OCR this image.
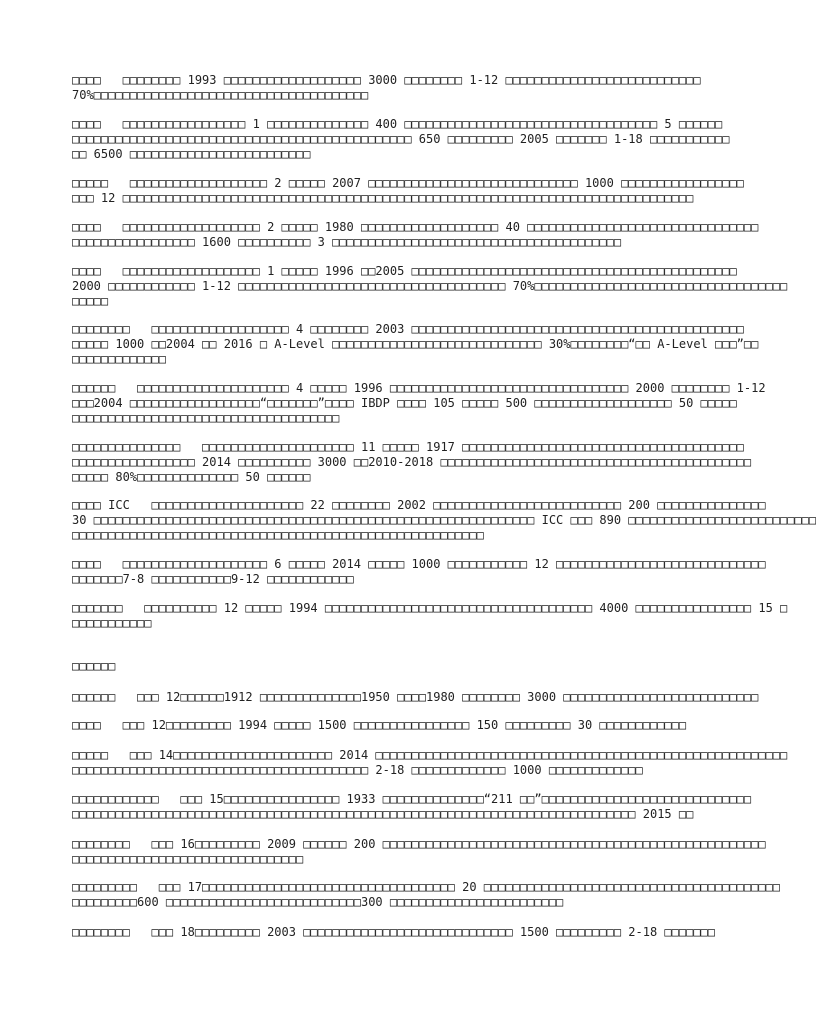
□□□□   □□□□□□□□ 1993 □□□□□□□□□□□□□□□□□□□ 3000 □□□□□□□□ 1-12 □□□□□□□□□□□□□□□□□□□□□□□□□□□
70%□□□□□□□□□□□□□□□□□□□□□□□□□□□□□□□□□□□□□□
□□□□   □□□□□□□□□□□□□□□□□ 1 □□□□□□□□□□□□□□ 400 □□□□□□□□□□□□□□□□□□□□□□□□□□□□□□□□□□□ 5 □□□□□□
□□□□□□□□□□□□□□□□□□□□□□□□□□□□□□□□□□□□□□□□□□□□□□□ 650 □□□□□□□□□ 2005 □□□□□□□ 1-18 □□□□□□□□□□□
□□ 6500 □□□□□□□□□□□□□□□□□□□□□□□□□
□□□□□   □□□□□□□□□□□□□□□□□□□ 2 □□□□□ 2007 □□□□□□□□□□□□□□□□□□□□□□□□□□□□□ 1000 □□□□□□□□□□□□□□□□□
□□□ 12 □□□□□□□□□□□□□□□□□□□□□□□□□□□□□□□□□□□□□□□□□□□□□□□□□□□□□□□□□□□□□□□□□□□□□□□□□□□□□□□
□□□□   □□□□□□□□□□□□□□□□□□□ 2 □□□□□ 1980 □□□□□□□□□□□□□□□□□□□ 40 □□□□□□□□□□□□□□□□□□□□□□□□□□□□□□□□
□□□□□□□□□□□□□□□□□ 1600 □□□□□□□□□□ 3 □□□□□□□□□□□□□□□□□□□□□□□□□□□□□□□□□□□□□□□□
□□□□   □□□□□□□□□□□□□□□□□□□ 1 □□□□□ 1996 □□2005 □□□□□□□□□□□□□□□□□□□□□□□□□□□□□□□□□□□□□□□□□□□□□
2000 □□□□□□□□□□□□ 1-12 □□□□□□□□□□□□□□□□□□□□□□□□□□□□□□□□□□□□□ 70%□□□□□□□□□□□□□□□□□□□□□□□□□□□□□□□□□□□
□□□□□
□□□□□□□□   □□□□□□□□□□□□□□□□□□□ 4 □□□□□□□□ 2003 □□□□□□□□□□□□□□□□□□□□□□□□□□□□□□□□□□□□□□□□□□□□□□
□□□□□ 1000 □□2004 □□ 2016 □ A-Level □□□□□□□□□□□□□□□□□□□□□□□□□□□□□ 30%□□□□□□□□“□□ A-Level □□□”□□
□□□□□□□□□□□□□
□□□□□□   □□□□□□□□□□□□□□□□□□□□□ 4 □□□□□ 1996 □□□□□□□□□□□□□□□□□□□□□□□□□□□□□□□□□ 2000 □□□□□□□□ 1-12
□□□2004 □□□□□□□□□□□□□□□□□□“□□□□□□□”□□□□ IBDP □□□□ 105 □□□□□ 500 □□□□□□□□□□□□□□□□□□□ 50 □□□□□
□□□□□□□□□□□□□□□□□□□□□□□□□□□□□□□□□□□□□
□□□□□□□□□□□□□□□   □□□□□□□□□□□□□□□□□□□□□ 11 □□□□□ 1917 □□□□□□□□□□□□□□□□□□□□□□□□□□□□□□□□□□□□□□□
□□□□□□□□□□□□□□□□□ 2014 □□□□□□□□□□ 3000 □□2010-2018 □□□□□□□□□□□□□□□□□□□□□□□□□□□□□□□□□□□□□□□□□□□
□□□□□ 80%□□□□□□□□□□□□□□ 50 □□□□□□
□□□□ ICC   □□□□□□□□□□□□□□□□□□□□□ 22 □□□□□□□□ 2002 □□□□□□□□□□□□□□□□□□□□□□□□□□ 200 □□□□□□□□□□□□□□□
30 □□□□□□□□□□□□□□□□□□□□□□□□□□□□□□□□□□□□□□□□□□□□□□□□□□□□□□□□□□□□□ ICC □□□ 890 □□□□□□□□□□□□□□□□□□□□□□□□□□
□□□□□□□□□□□□□□□□□□□□□□□□□□□□□□□□□□□□□□□□□□□□□□□□□□□□□□□□□
□□□□   □□□□□□□□□□□□□□□□□□□□ 6 □□□□□ 2014 □□□□□ 1000 □□□□□□□□□□□ 12 □□□□□□□□□□□□□□□□□□□□□□□□□□□□□
□□□□□□□7-8 □□□□□□□□□□□9-12 □□□□□□□□□□□□
□□□□□□□   □□□□□□□□□□ 12 □□□□□ 1994 □□□□□□□□□□□□□□□□□□□□□□□□□□□□□□□□□□□□□ 4000 □□□□□□□□□□□□□□□□ 15 □
□□□□□□□□□□□
□□□□□□
□□□□□□   □□□ 12□□□□□□1912 □□□□□□□□□□□□□□1950 □□□□1980 □□□□□□□□ 3000 □□□□□□□□□□□□□□□□□□□□□□□□□□□
□□□□   □□□ 12□□□□□□□□□ 1994 □□□□□ 1500 □□□□□□□□□□□□□□□□ 150 □□□□□□□□□ 30 □□□□□□□□□□□□
□□□□□   □□□ 14□□□□□□□□□□□□□□□□□□□□□□ 2014 □□□□□□□□□□□□□□□□□□□□□□□□□□□□□□□□□□□□□□□□□□□□□□□□□□□□□□□□□
□□□□□□□□□□□□□□□□□□□□□□□□□□□□□□□□□□□□□□□□□ 2-18 □□□□□□□□□□□□□ 1000 □□□□□□□□□□□□□
□□□□□□□□□□□□   □□□ 15□□□□□□□□□□□□□□□□ 1933 □□□□□□□□□□□□□□“211 □□”□□□□□□□□□□□□□□□□□□□□□□□□□□□□□
□□□□□□□□□□□□□□□□□□□□□□□□□□□□□□□□□□□□□□□□□□□□□□□□□□□□□□□□□□□□□□□□□□□□□□□□□□□□□□ 2015 □□
□□□□□□□□   □□□ 16□□□□□□□□□ 2009 □□□□□□ 200 □□□□□□□□□□□□□□□□□□□□□□□□□□□□□□□□□□□□□□□□□□□□□□□□□□□□□
□□□□□□□□□□□□□□□□□□□□□□□□□□□□□□□□
□□□□□□□□□   □□□ 17□□□□□□□□□□□□□□□□□□□□□□□□□□□□□□□□□□□ 20 □□□□□□□□□□□□□□□□□□□□□□□□□□□□□□□□□□□□□□□□□
□□□□□□□□□600 □□□□□□□□□□□□□□□□□□□□□□□□□□□300 □□□□□□□□□□□□□□□□□□□□□□□□
□□□□□□□□   □□□ 18□□□□□□□□□ 2003 □□□□□□□□□□□□□□□□□□□□□□□□□□□□□ 1500 □□□□□□□□□ 2-18 □□□□□□□
